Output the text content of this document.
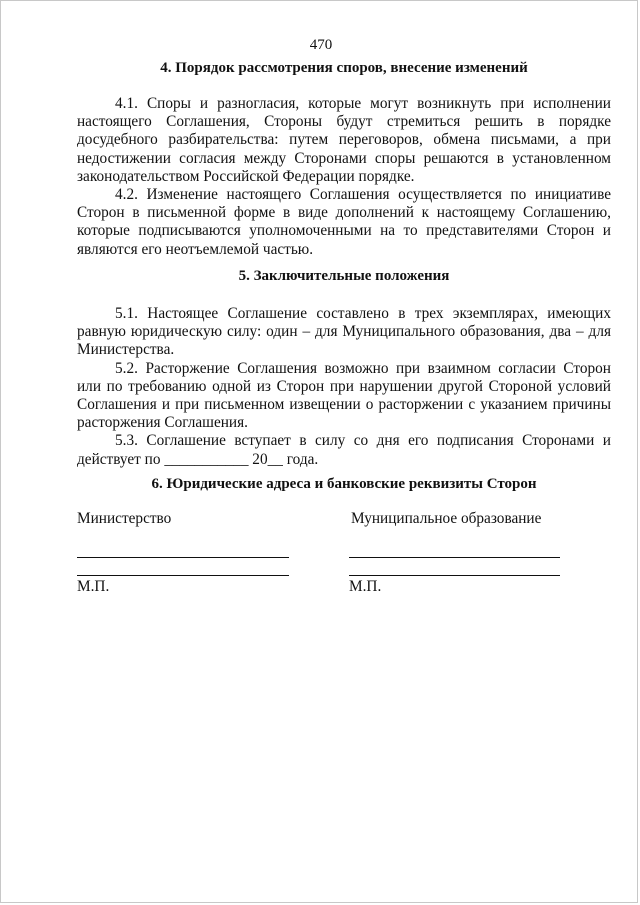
470
4. Порядок рассмотрения споров, внесение изменений

4.1. Споры и разногласия, которые могут возникнуть при исполнении настоящего Соглашения, Стороны будут стремиться решить в порядке досудебного разбирательства: путем переговоров, обмена письмами, а при недостижении согласия между Сторонами споры решаются в установленном законодательством Российской Федерации порядке.

4.2. Изменение настоящего Соглашения осуществляется по инициативе Сторон в письменной форме в виде дополнений к настоящему Соглашению, которые подписываются уполномоченными на то представителями Сторон и являются его неотъемлемой частью.

5. Заключительные положения

5.1. Настоящее Соглашение составлено в трех экземплярах, имеющих равную юридическую силу: один – для Муниципального образования, два – для Министерства.

5.2. Расторжение Соглашения возможно при взаимном согласии Сторон или по требованию одной из Сторон при нарушении другой Стороной условий Соглашения и при письменном извещении о расторжении с указанием причины расторжения Соглашения.

5.3. Соглашение вступает в силу со дня его подписания Сторонами и действует по ___________ 20__ года.

6. Юридические адреса и банковские реквизиты Сторон
Министерство	Муниципальное образование
М.П.	М.П.
